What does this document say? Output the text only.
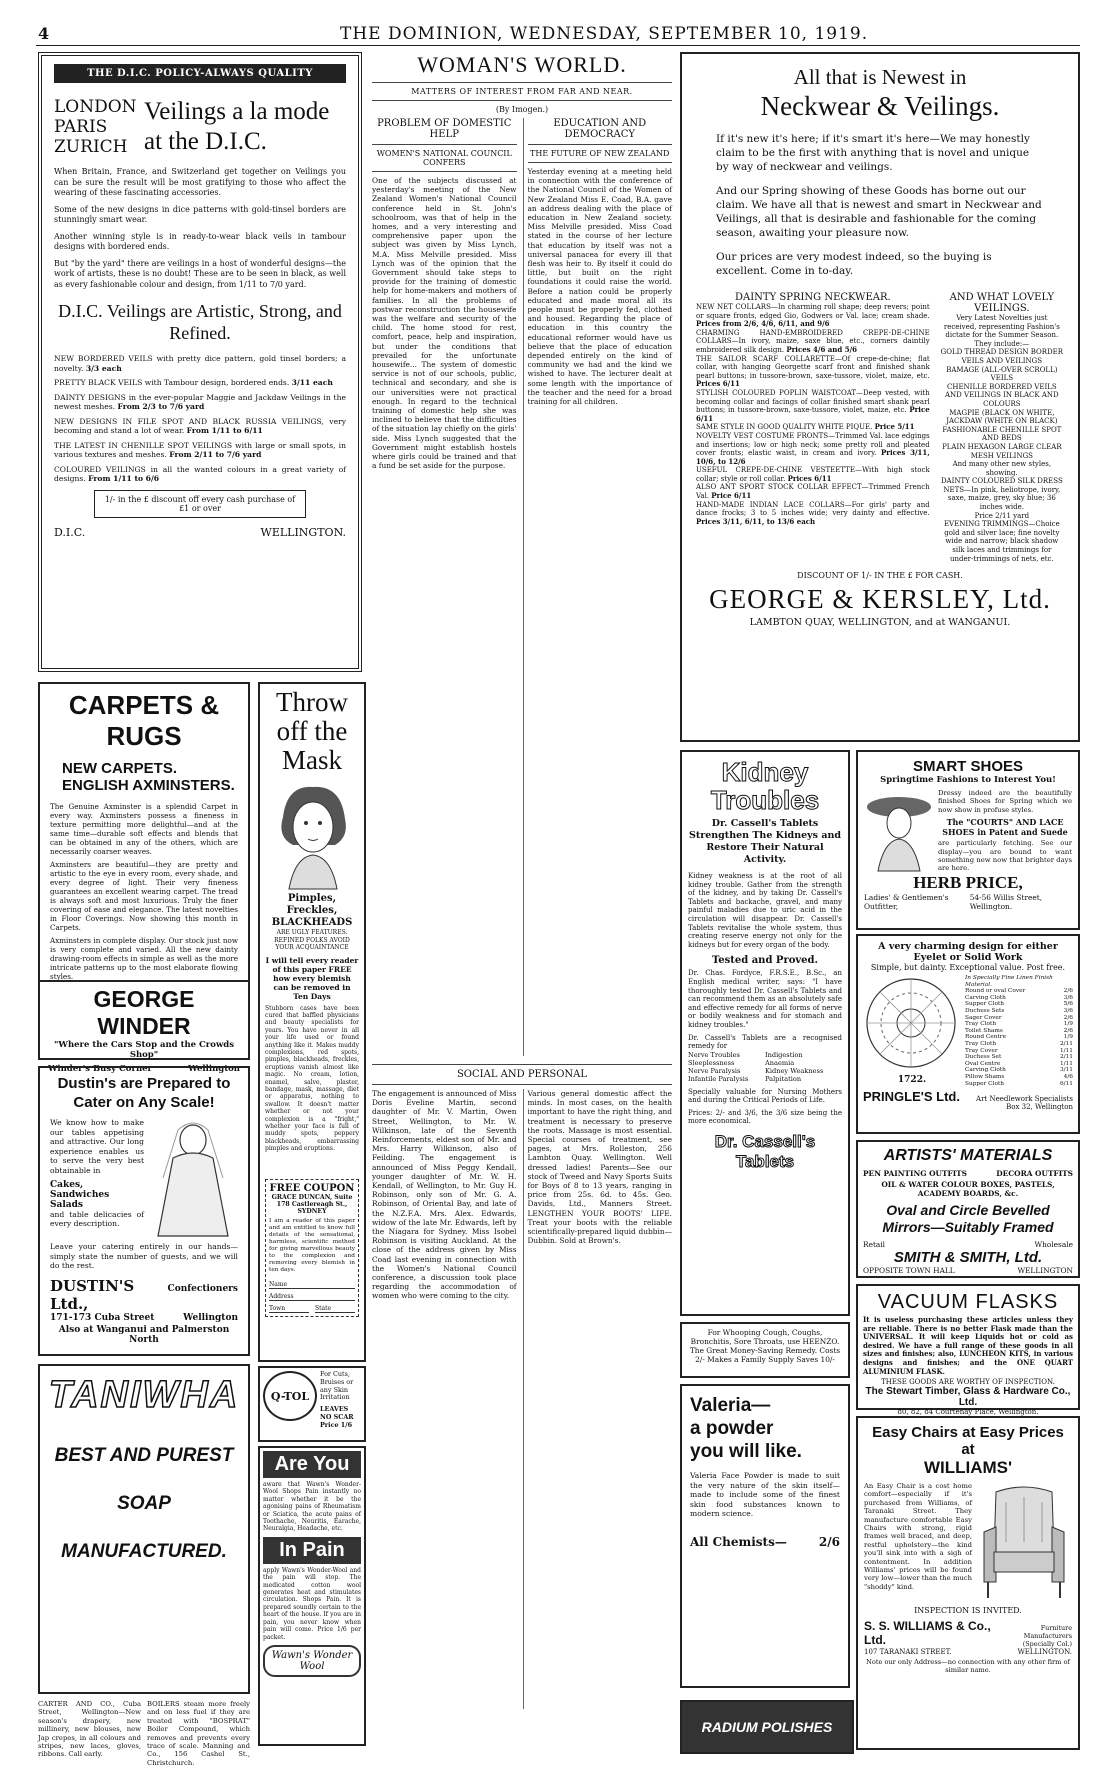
4	THE DOMINION, WEDNESDAY, SEPTEMBER 10, 1919.
THE D.I.C. POLICY-ALWAYS QUALITY
LONDON
PARIS
ZURICH
Veilings a la mode at the D.I.C.
When Britain, France, and Switzerland get together on Veilings you can be sure the result will be most gratifying to those who affect the wearing of these fascinating accessories.
Some of the new designs in dice patterns with gold-tinsel borders are stunningly smart wear.
Another winning style is in ready-to-wear black veils in tambour designs with bordered ends.
But "by the yard" there are veilings in a host of wonderful designs—the work of artists, these is no doubt! These are to be seen in black, as well as every fashionable colour and design, from 1/11 to 7/0 yard.
D.I.C. Veilings are Artistic, Strong, and Refined.
NEW BORDERED VEILS with pretty dice pattern, gold tinsel borders; a novelty. 3/3 each
PRETTY BLACK VEILS with Tambour design, bordered ends. 3/11 each
DAINTY DESIGNS in the ever-popular Maggie and Jackdaw Veilings in the newest meshes. From 2/3 to 7/6 yard
NEW DESIGNS IN FILE SPOT AND BLACK RUSSIA VEILINGS, very becoming and stand a lot of wear. From 1/11 to 6/11
THE LATEST IN CHENILLE SPOT VEILINGS with large or small spots, in various textures and meshes. From 2/11 to 7/6 yard
COLOURED VEILINGS in all the wanted colours in a great variety of designs. From 1/11 to 6/6
1/- in the £ discount off every cash purchase of £1 or over
D.I.C.	WELLINGTON.
WOMAN'S WORLD.
MATTERS OF INTEREST FROM FAR AND NEAR.
(By Imogen.)
PROBLEM OF DOMESTIC HELP
WOMEN'S NATIONAL COUNCIL CONFERS
One of the subjects discussed at yesterday's meeting of the New Zealand Women's National Council conference held in St. John's schoolroom, was that of help in the homes, and a very interesting and comprehensive paper upon the subject was given by Miss Lynch, M.A. Miss Melville presided. Miss Lynch was of the opinion that the Government should take steps to provide for the training of domestic help for home-makers and mothers of families. In all the problems of postwar reconstruction the housewife was the welfare and security of the child. The home stood for rest, comfort, peace, help and inspiration, but under the conditions that prevailed for the unfortunate housewife... The system of domestic service is not of our schools, public, technical and secondary, and she is our universities were not practical enough. In regard to the technical training of domestic help she was inclined to believe that the difficulties of the situation lay chiefly on the girls' side. Miss Lynch suggested that the Government might establish hostels where girls could be trained and that a fund be set aside for the purpose.
EDUCATION AND DEMOCRACY
THE FUTURE OF NEW ZEALAND
Yesterday evening at a meeting held in connection with the conference of the National Council of the Women of New Zealand Miss E. Coad, B.A. gave an address dealing with the place of education in New Zealand society. Miss Melville presided. Miss Coad stated in the course of her lecture that education by itself was not a universal panacea for every ill that flesh was heir to. By itself it could do little, but built on the right foundations it could raise the world. Before a nation could be properly educated and made moral all its people must be properly fed, clothed and housed. Regarding the place of education in this country the educational reformer would have us believe that the place of education depended entirely on the kind of community we had and the kind we wished to have. The lecturer dealt at some length with the importance of the teacher and the need for a broad training for all children.
SOCIAL AND PERSONAL
The engagement is announced of Miss Doris Eveline Martin, second daughter of Mr. V. Martin, Owen Street, Wellington, to Mr. W. Wilkinson, late of the Seventh Reinforcements, eldest son of Mr. and Mrs. Harry Wilkinson, also of Feilding. The engagement is announced of Miss Peggy Kendall, younger daughter of Mr. W. H. Kendall, of Wellington, to Mr. Guy H. Robinson, only son of Mr. G. A. Robinson, of Oriental Bay, and late of the N.Z.F.A. Mrs. Alex. Edwards, widow of the late Mr. Edwards, left by the Niagara for Sydney. Miss Isobel Robinson is visiting Auckland. At the close of the address given by Miss Coad last evening in connection with the Women's National Council conference, a discussion took place regarding the accommodation of women who were coming to the city.
Various general domestic affect the minds. In most cases, on the health important to have the right thing, and treatment is necessary to preserve the roots. Massage is most essential. Special courses of treatment, see pages, at Mrs. Rolleston, 256 Lambton Quay. Wellington. Well dressed ladies! Parents—See our stock of Tweed and Navy Sports Suits for Boys of 8 to 13 years, ranging in price from 25s. 6d. to 45s. Geo. Davids, Ltd., Manners Street. LENGTHEN YOUR BOOTS' LIFE. Treat your boots with the reliable scientifically-prepared liquid dubbin—Dubbin. Sold at Brown's.
All that is Newest in
Neckwear & Veilings.
If it's new it's here; if it's smart it's here—We may honestly claim to be the first with anything that is novel and unique by way of neckwear and veilings.
And our Spring showing of these Goods has borne out our claim. We have all that is newest and smart in Neckwear and Veilings, all that is desirable and fashionable for the coming season, awaiting your pleasure now.
Our prices are very modest indeed, so the buying is excellent. Come in to-day.
DAINTY SPRING NECKWEAR.
NEW NET COLLARS—In charming roll shape; deep revers; point or square fronts, edged Gio, Godwers or Val. lace; cream shade. Prices from 2/6, 4/6, 6/11, and 9/6
CHARMING HAND-EMBROIDERED CREPE-DE-CHINE COLLARS—In ivory, maize, saxe blue, etc., corners daintily embroidered silk design. Prices 4/6 and 5/6
THE SAILOR SCARF COLLARETTE—Of crepe-de-chine; flat collar, with hanging Georgette scarf front and finished shank pearl buttons; in tussore-brown, saxe-tussore, violet, maize, etc. Prices 6/11
STYLISH COLOURED POPLIN WAISTCOAT—Deep vested, with becoming collar and facings of collar finished smart shank pearl buttons; in tussore-brown, saxe-tussore, violet, maize, etc. Price 6/11
SAME STYLE IN GOOD QUALITY WHITE PIQUE. Price 5/11
NOVELTY VEST COSTUME FRONTS—Trimmed Val. lace edgings and insertions; low or high neck; some pretty roll and pleated cover fronts; elastic waist, in cream and ivory. Prices 3/11, 10/6, to 12/6
USEFUL CREPE-DE-CHINE VESTEETTE—With high stock collar; style or roll collar. Prices 6/11
ALSO ANT SPORT STOCK COLLAR EFFECT—Trimmed French Val. Price 6/11
HAND-MADE INDIAN LACE COLLARS—For girls' party and dance frocks; 3 to 5 inches wide; very dainty and effective. Prices 3/11, 6/11, to 13/6 each
AND WHAT LOVELY VEILINGS.
Very Latest Novelties just received, representing Fashion's dictate for the Summer Season. They include:—
GOLD THREAD DESIGN BORDER VEILS AND VEILINGS
BAMAGE (ALL-OVER SCROLL) VEILS
CHENILLE BORDERED VEILS AND VEILINGS IN BLACK AND COLOURS
MAGPIE (BLACK ON WHITE, JACKDAW (WHITE ON BLACK)
FASHIONABLE CHENILLE SPOT AND BEDS
PLAIN HEXAGON LARGE CLEAR MESH VEILINGS
And many other new styles, showing.
DAINTY COLOURED SILK DRESS NETS—In pink, heliotrope, ivory, saxe, maize, grey, sky blue; 36 inches wide.
Price 2/11 yard
EVENING TRIMMINGS—Choice gold and silver lace; fine novelty wide and narrow; black shadow silk laces and trimmings for under-trimmings of nets, etc.
DISCOUNT OF 1/- IN THE £ FOR CASH.
GEORGE & KERSLEY, Ltd.
LAMBTON QUAY, WELLINGTON, and at WANGANUI.
CARPETS & RUGS
NEW CARPETS.
ENGLISH AXMINSTERS.
The Genuine Axminster is a splendid Carpet in every way. Axminsters possess a fineness in texture permitting more delightful—and at the same time—durable soft effects and blends that can be obtained in any of the others, which are necessarily coarser weaves.
Axminsters are beautiful—they are pretty and artistic to the eye in every room, every shade, and every degree of light. Their very fineness guarantees an excellent wearing carpet. The tread is always soft and most luxurious. Truly the finer covering of ease and elegance. The latest novelties in Floor Coverings. Now showing this month in Carpets.
Axminsters in complete display. Our stock just now is very complete and varied. All the new dainty drawing-room effects in simple as well as the more intricate patterns up to the most elaborate flowing styles.
GEORGE WINDER
"Where the Cars Stop and the Crowds Shop"
Winder's Busy Corner	Wellington
Dustin's are Prepared to Cater on Any Scale!
We know how to make our tables appetising and attractive. Our long experience enables us to serve the very best obtainable in
Cakes, Sandwiches Salads
and table delicacies of every description.
Leave your catering entirely in our hands—simply state the number of guests, and we will do the rest.
DUSTIN'S Ltd.,
Confectioners
171-173 Cuba Street	Wellington
Also at Wanganui and Palmerston North
TANIWHA
BEST AND PUREST
SOAP
MANUFACTURED.
CARTER AND CO., Cuba Street, Wellington—New season's drapery, new millinery, new blouses, new Jap crepes, in all colours and stripes, new laces, gloves, ribbons. Call early.
BOILERS steam more freely and on less fuel if they are treated with "BOSPRAT" Boiler Compound, which removes and prevents every trace of scale. Manning and Co., 156 Cashel St., Christchurch.
Throw off the Mask
Pimples, Freckles, BLACKHEADS
ARE UGLY FEATURES. REFINED FOLKS AVOID YOUR ACQUAINTANCE
I will tell every reader of this paper FREE how every blemish can be removed in Ten Days
Stubborn cases have been cured that baffled physicians and beauty specialists for years. You have never in all your life used or found anything like it. Makes muddy complexions, red spots, pimples, blackheads, freckles, eruptions vanish almost like magic. No cream, lotion, enamel, salve, plaster, bandage, mask, massage, diet or apparatus, nothing to swallow. It doesn't matter whether or not your complexion is a "fright," whether your face is full of muddy spots, peppery blackheads, embarrassing pimples and eruptions.
FREE COUPON
GRACE DUNCAN, Suite 178 Castlereagh St., SYDNEY
I am a reader of this paper and am entitled to know full details of the sensational, harmless, scientific method for giving marvellous beauty to the complexion and removing every blemish in ten days.
Name
Address
Town	State
Q-TOL
For Cuts, Bruises or any Skin Irritation
LEAVES NO SCAR Price 1/6
Are You
aware that Wawn's Wonder-Wool Shops Pain instantly no matter whether it be the agonising pains of Rheumatism or Sciatica, the acute pains of Toothache, Neuritis, Earache, Neuralgia, Headache, etc.
In Pain
apply Wawn's Wonder-Wool and the pain will stop. The medicated cotton wool generates heat and stimulates circulation. Shops Pain. It is prepared soundly certain to the heart of the house. If you are in pain, you never know when pain will come. Price 1/6 per packet.
Wawn's Wonder Wool
Kidney
Troubles
Dr. Cassell's Tablets Strengthen The Kidneys and Restore Their Natural Activity.
Kidney weakness is at the root of all kidney trouble. Gather from the strength of the kidney, and by taking Dr. Cassell's Tablets and backache, gravel, and many painful maladies due to uric acid in the circulation will disappear. Dr. Cassell's Tablets revitalise the whole system, thus creating reserve energy not only for the kidneys but for every organ of the body.
Tested and Proved.
Dr. Chas. Fordyce, F.R.S.E., B.Sc., an English medical writer, says: "I have thoroughly tested Dr. Cassell's Tablets and can recommend them as an absolutely safe and effective remedy for all forms of nerve or bodily weakness and for stomach and kidney troubles."
Dr. Cassell's Tablets are a recognised remedy for
Nerve Troubles	Indigestion
Sleeplessness	Anaemia
Nerve Paralysis	Kidney Weakness
Infantile Paralysis	Palpitation
Specially valuable for Nursing Mothers and during the Critical Periods of Life.
Prices: 2/- and 3/6, the 3/6 size being the more economical.
Dr. Cassell's Tablets
For Whooping Cough, Coughs, Bronchitis, Sore Throats, use HEENZO. The Great Money-Saving Remedy. Costs 2/- Makes a Family Supply Saves 10/-
Valeria—
a powder
you will like.
Valeria Face Powder is made to suit the very nature of the skin itself—made to include some of the finest skin food substances known to modern science.
All Chemists—	2/6
RADIUM POLISHES
SMART SHOES
Springtime Fashions to Interest You!
Dressy indeed are the beautifully finished Shoes for Spring which we now show in profuse styles.
The "COURTS" AND LACE SHOES in Patent and Suede
are particularly fetching. See our display—you are bound to want something new now that brighter days are here.
HERB PRICE,
Ladies' & Gentlemen's Outfitter,
54-56 Willis Street, Wellington.
A very charming design for either Eyelet or Solid Work
Simple, but dainty. Exceptional value. Post free.
1722.
In Specially Fine Linen Finish Material.
Round or oval Cover	2/6
Carving Cloth	3/6
Supper Cloth	5/6
Duchess Sets	3/6
Sager Cover	2/6
Tray Cloth	1/9
Toilet Shams	2/6
Round Centre	1/9
Tray Cloth	2/11
Tray Cover	1/11
Duchess Set	2/11
Oval Centre	1/11
Carving Cloth	3/11
Pillow Shams	4/6
Supper Cloth	6/11
PRINGLE'S Ltd. Art Needlework Specialists
Box 32, Wellington
ARTISTS' MATERIALS
PEN PAINTING OUTFITS	DECORA OUTFITS
OIL & WATER COLOUR BOXES, PASTELS, ACADEMY BOARDS, &c.
Oval and Circle Bevelled Mirrors—Suitably Framed
Retail	Wholesale
SMITH & SMITH, Ltd.
OPPOSITE TOWN HALL	WELLINGTON
VACUUM FLASKS
It is useless purchasing these articles unless they are reliable. There is no better Flask made than the UNIVERSAL. It will keep Liquids hot or cold as desired. We have a full range of these goods in all sizes and finishes; also, LUNCHEON KITS, in various designs and finishes; and the ONE QUART ALUMINIUM FLASK.
THESE GOODS ARE WORTHY OF INSPECTION.
The Stewart Timber, Glass & Hardware Co., Ltd.
80, 82, 84 Courtenay Place, Wellington.
Easy Chairs at Easy Prices at
WILLIAMS'
An Easy Chair is a cost home comfort—especially if it's purchased from Williams, of Taranaki Street. They manufacture comfortable Easy Chairs with strong, rigid frames well braced, and deep, restful upholstery—the kind you'll sink into with a sigh of contentment. In addition Williams' prices will be found very low—lower than the much "shoddy" kind.
INSPECTION IS INVITED.
S. S. WILLIAMS & Co., Ltd.
Furniture Manufacturers (Specially Col.)
107 TARANAKI STREET.	WELLINGTON.
Note our only Address—no connection with any other firm of similar name.
